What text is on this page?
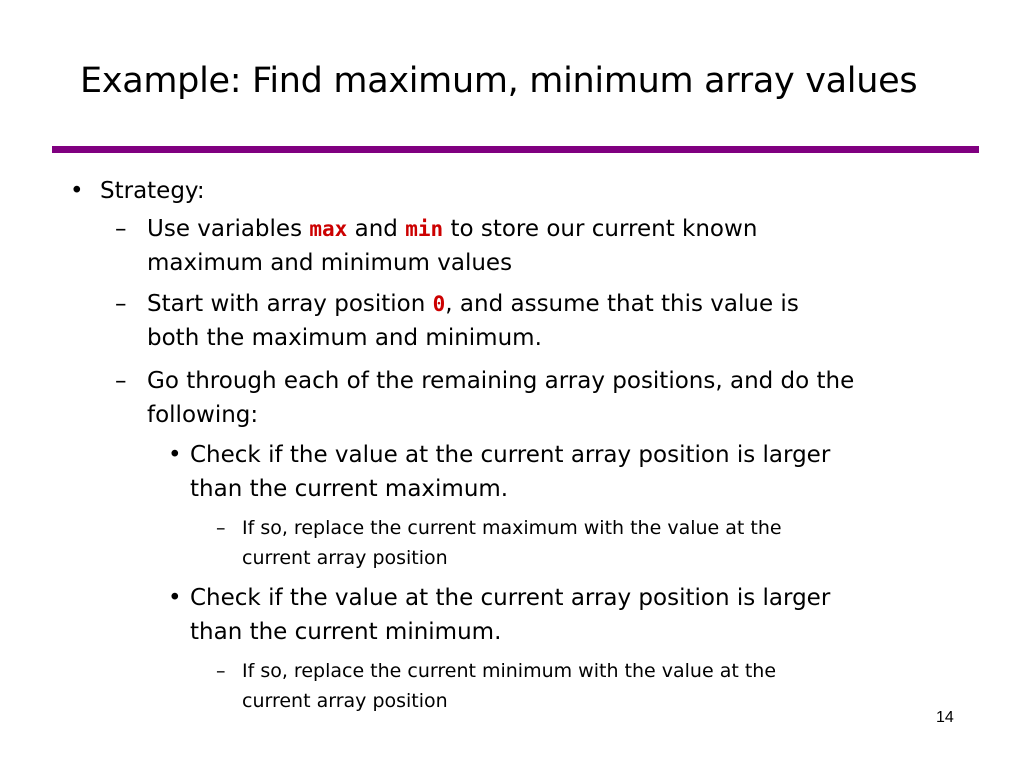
Example: Find maximum, minimum array values
• Strategy:
– Use variables max and min to store our current known
maximum and minimum values
– Start with array position 0, and assume that this value is
both the maximum and minimum.
– Go through each of the remaining array positions, and do the
following:
• Check if the value at the current array position is larger
than the current maximum.
– If so, replace the current maximum with the value at the
current array position
• Check if the value at the current array position is larger
than the current minimum.
– If so, replace the current minimum with the value at the
current array position
14
